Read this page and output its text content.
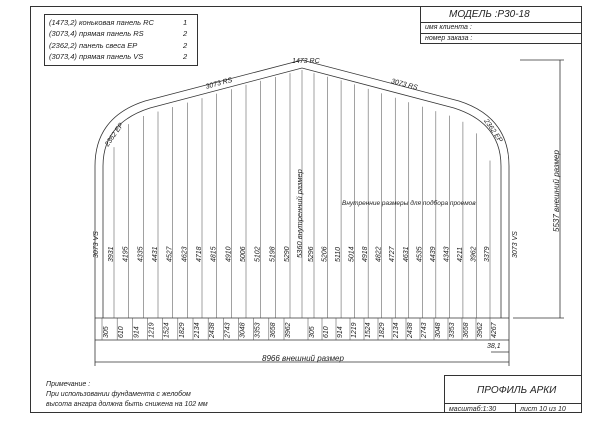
(1473,2) коньковая панель RC	1
(3073,4) прямая панель RS	2
(2362,2) панель свеса EP	2
(3073,4) прямая панель VS	2
МОДЕЛЬ :P30-18
имя клиента :
номер заказа :
ПРОФИЛЬ АРКИ
масштаб:1:30	лист 10 из 10
Примечание :
При использовании фундамента с желобом
высота ангара должна быть снижена на 102 мм
3931 4195 4335 4431 4527 4623 4718 4815 4910 5006 5102 5198 5290 5296 5206 5110 5014 4918 4822 4727 4631 4535 4439 4343 4211 3962 3379
305 610 914 1219 1524 1829 2134 2438 2743 3048 3353 3658 3962 305 610 914 1219 1524 1829 2134 2438 2743 3048 3353 3658 3962 4267
1473 RC
3073 RS	3073 RS
2362 EP	2362 EP
3073 VS	3073 VS
5360 внутренний размер	Внутренние размеры для подбора проемов	5537 внешний размер
8966 внешний размер
38,1
